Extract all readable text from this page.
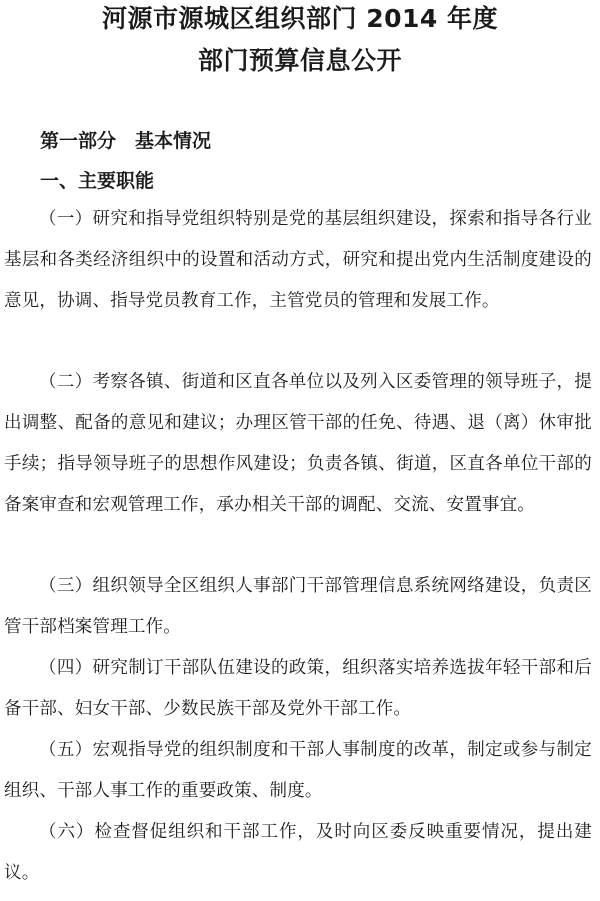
河源市源城区组织部门 2014 年度
部门预算信息公开
第一部分　基本情况
一、主要职能

（一）研究和指导党组织特别是党的基层组织建设，探索和指导各行业基层和各类经济组织中的设置和活动方式，研究和提出党内生活制度建设的意见，协调、指导党员教育工作，主管党员的管理和发展工作。

（二）考察各镇、街道和区直各单位以及列入区委管理的领导班子，提出调整、配备的意见和建议；办理区管干部的任免、待遇、退（离）休审批手续；指导领导班子的思想作风建设；负责各镇、街道，区直各单位干部的备案审查和宏观管理工作，承办相关干部的调配、交流、安置事宜。

（三）组织领导全区组织人事部门干部管理信息系统网络建设，负责区管干部档案管理工作。

（四）研究制订干部队伍建设的政策，组织落实培养选拔年轻干部和后备干部、妇女干部、少数民族干部及党外干部工作。

（五）宏观指导党的组织制度和干部人事制度的改革，制定或参与制定组织、干部人事工作的重要政策、制度。

（六）检查督促组织和干部工作，及时向区委反映重要情况，提出建议。
